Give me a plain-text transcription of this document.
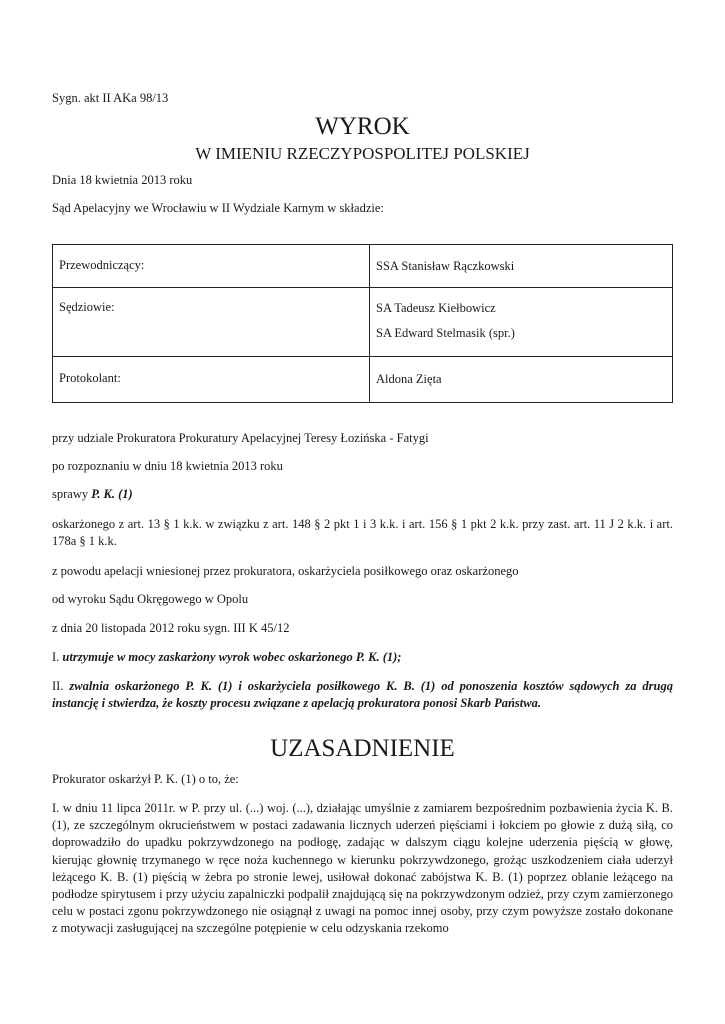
Sygn. akt II AKa 98/13

WYROK
W IMIENIU RZECZYPOSPOLITEJ POLSKIEJ

Dnia 18 kwietnia 2013 roku

Sąd Apelacyjny we Wrocławiu w II Wydziale Karnym w składzie:

Przewodniczący:	SSA Stanisław Rączkowski

Sędziowie:	SA Tadeusz Kiełbowicz
SA Edward Stelmasik (spr.)

Protokolant:	Aldona Zięta

przy udziale Prokuratora Prokuratury Apelacyjnej Teresy Łozińska - Fatygi

po rozpoznaniu w dniu 18 kwietnia 2013 roku

sprawy P. K. (1)

oskarżonego z art. 13 § 1 k.k. w związku z art. 148 § 2 pkt 1 i 3 k.k. i art. 156 § 1 pkt 2 k.k. przy zast. art. 11 J 2 k.k. i art. 178a § 1 k.k.

z powodu apelacji wniesionej przez prokuratora, oskarżyciela posiłkowego oraz oskarżonego

od wyroku Sądu Okręgowego w Opolu

z dnia 20 listopada 2012 roku sygn. III K 45/12

I. utrzymuje w mocy zaskarżony wyrok wobec oskarżonego P. K. (1);

II. zwalnia oskarżonego P. K. (1) i oskarżyciela posiłkowego K. B. (1) od ponoszenia kosztów sądowych za drugą instancję i stwierdza, że koszty procesu związane z apelacją prokuratora ponosi Skarb Państwa.

UZASADNIENIE

Prokurator oskarżył P. K. (1) o to, że:

I. w dniu 11 lipca 2011r. w P. przy ul. (...) woj. (...), działając umyślnie z zamiarem bezpośrednim pozbawienia życia K. B. (1), ze szczególnym okrucieństwem w postaci zadawania licznych uderzeń pięściami i łokciem po głowie z dużą siłą, co doprowadziło do upadku pokrzywdzonego na podłogę, zadając w dalszym ciągu kolejne uderzenia pięścią w głowę, kierując głownię trzymanego w ręce noża kuchennego w kierunku pokrzywdzonego, grożąc uszkodzeniem ciała uderzył leżącego K. B. (1) pięścią w żebra po stronie lewej, usiłował dokonać zabójstwa K. B. (1) poprzez oblanie leżącego na podłodze spirytusem i przy użyciu zapalniczki podpalił znajdującą się na pokrzywdzonym odzież, przy czym zamierzonego celu w postaci zgonu pokrzywdzonego nie osiągnął z uwagi na pomoc innej osoby, przy czym powyższe zostało dokonane z motywacji zasługującej na szczególne potępienie w celu odzyskania rzekomo
